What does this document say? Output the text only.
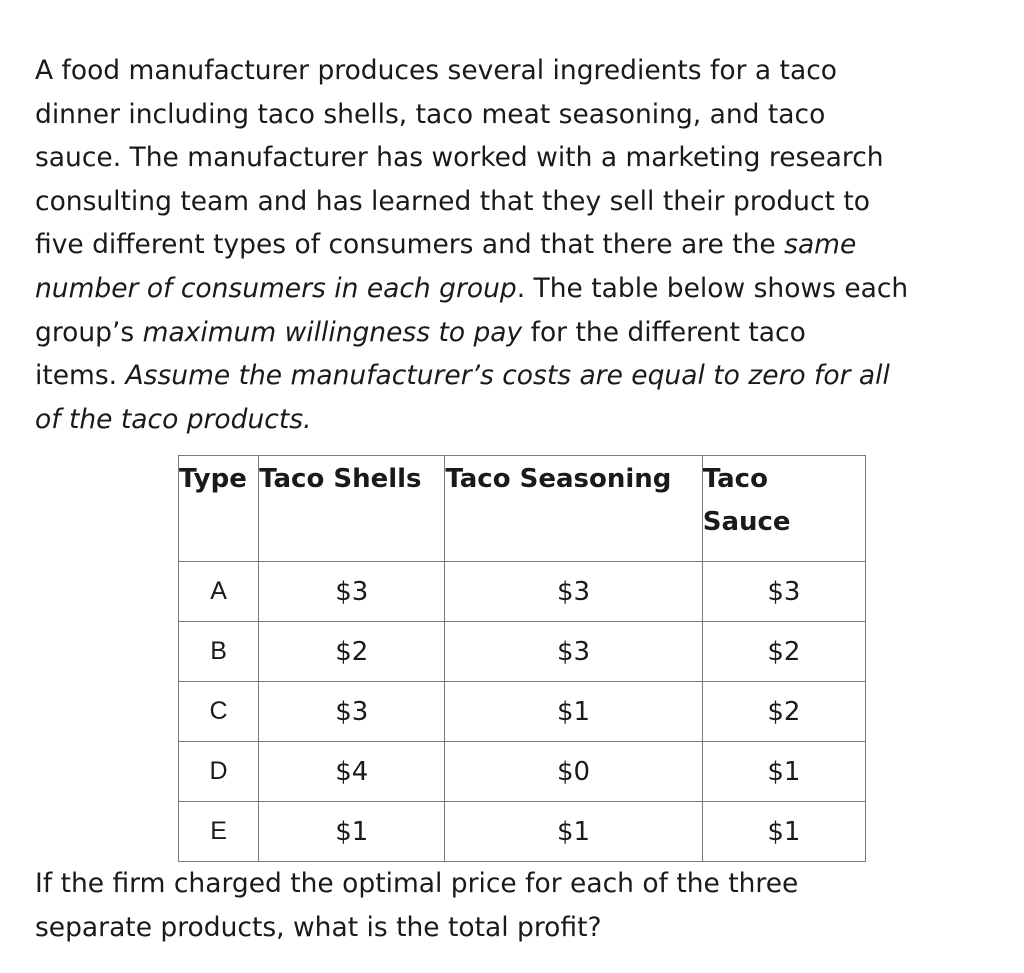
A food manufacturer produces several ingredients for a taco
dinner including taco shells, taco meat seasoning, and taco
sauce. The manufacturer has worked with a marketing research
consulting team and has learned that they sell their product to
five different types of consumers and that there are the same
number of consumers in each group. The table below shows each
group’s maximum willingness to pay for the different taco
items. Assume the manufacturer’s costs are equal to zero for all
of the taco products.

Type	Taco Shells	Taco Seasoning	Taco Sauce
A	$3	$3	$3
B	$2	$3	$2
C	$3	$1	$2
D	$4	$0	$1
E	$1	$1	$1

If the firm charged the optimal price for each of the three
separate products, what is the total profit?
